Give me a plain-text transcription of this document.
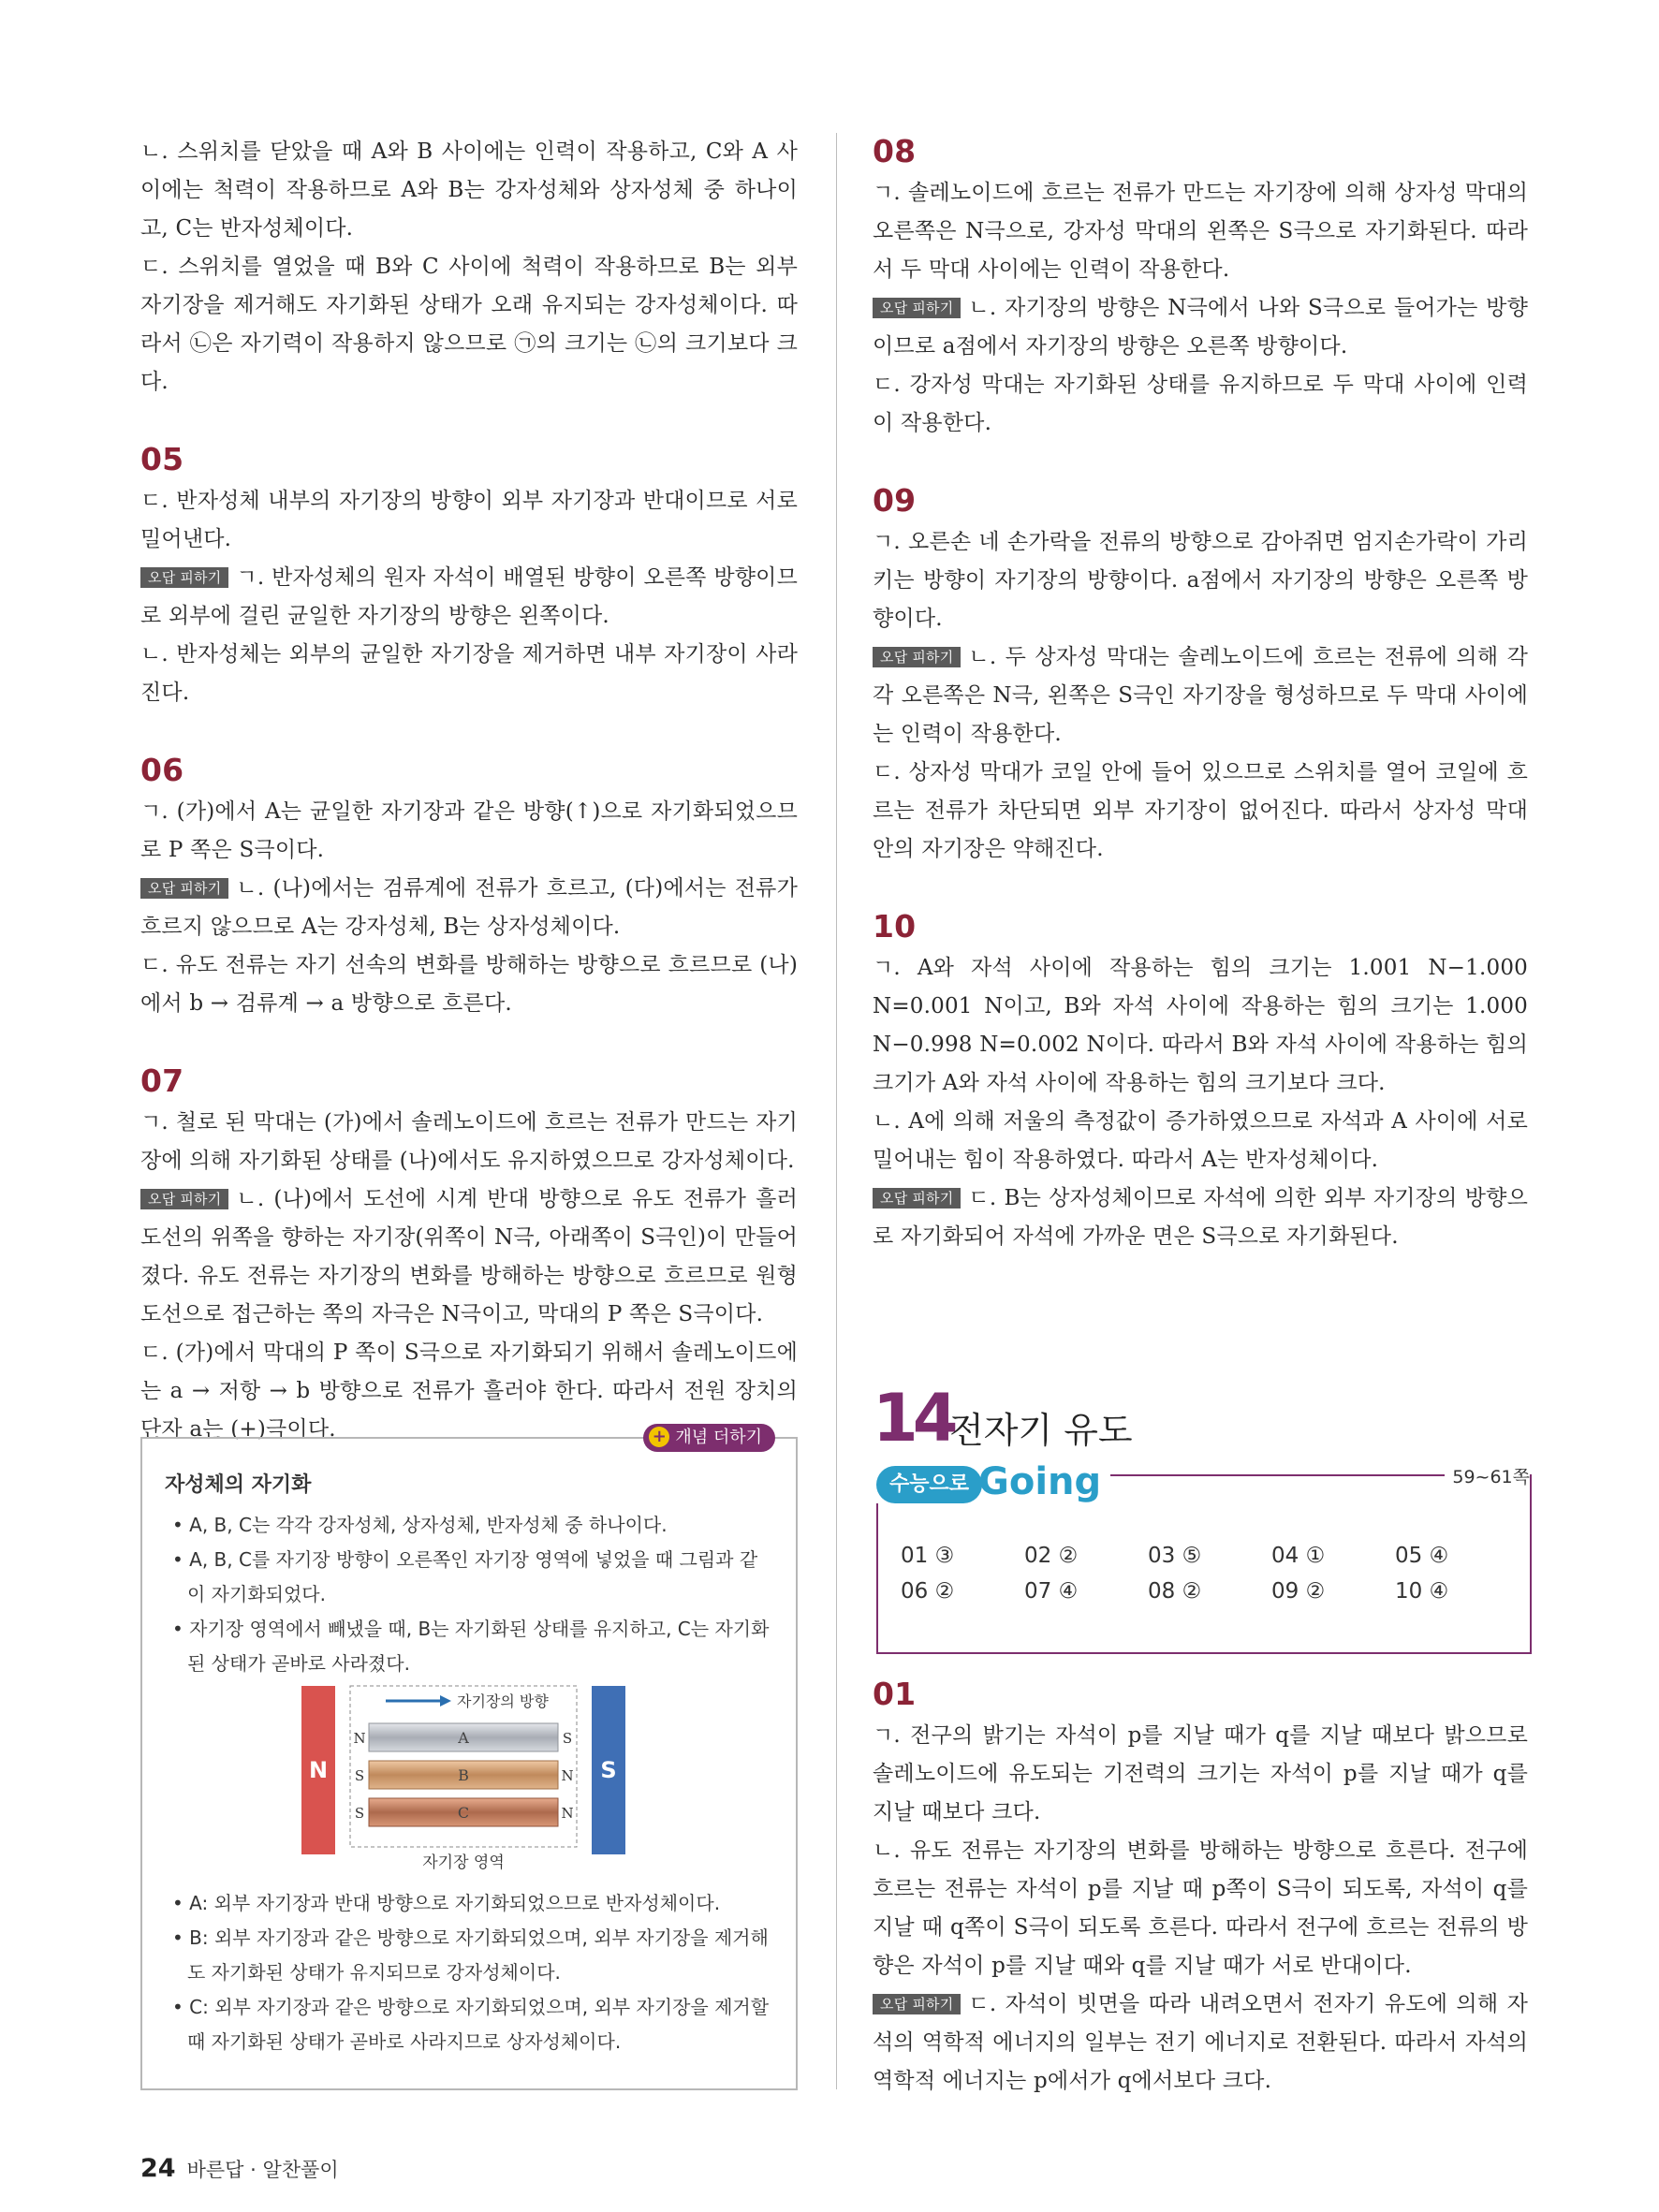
ㄴ. 스위치를 닫았을 때 A와 B 사이에는 인력이 작용하고, C와 A 사이에는 척력이 작용하므로 A와 B는 강자성체와 상자성체 중 하나이고, C는 반자성체이다.

ㄷ. 스위치를 열었을 때 B와 C 사이에 척력이 작용하므로 B는 외부 자기장을 제거해도 자기화된 상태가 오래 유지되는 강자성체이다. 따라서 ㉡은 자기력이 작용하지 않으므로 ㉠의 크기는 ㉡의 크기보다 크다.

05

ㄷ. 반자성체 내부의 자기장의 방향이 외부 자기장과 반대이므로 서로 밀어낸다.

오답 피하기 ㄱ. 반자성체의 원자 자석이 배열된 방향이 오른쪽 방향이므로 외부에 걸린 균일한 자기장의 방향은 왼쪽이다.

ㄴ. 반자성체는 외부의 균일한 자기장을 제거하면 내부 자기장이 사라진다.

06

ㄱ. (가)에서 A는 균일한 자기장과 같은 방향(↑)으로 자기화되었으므로 P 쪽은 S극이다.

오답 피하기 ㄴ. (나)에서는 검류계에 전류가 흐르고, (다)에서는 전류가 흐르지 않으므로 A는 강자성체, B는 상자성체이다.

ㄷ. 유도 전류는 자기 선속의 변화를 방해하는 방향으로 흐르므로 (나)에서 b → 검류계 → a 방향으로 흐른다.

07

ㄱ. 철로 된 막대는 (가)에서 솔레노이드에 흐르는 전류가 만드는 자기장에 의해 자기화된 상태를 (나)에서도 유지하였으므로 강자성체이다.

오답 피하기 ㄴ. (나)에서 도선에 시계 반대 방향으로 유도 전류가 흘러 도선의 위쪽을 향하는 자기장(위쪽이 N극, 아래쪽이 S극인)이 만들어졌다. 유도 전류는 자기장의 변화를 방해하는 방향으로 흐르므로 원형 도선으로 접근하는 쪽의 자극은 N극이고, 막대의 P 쪽은 S극이다.

ㄷ. (가)에서 막대의 P 쪽이 S극으로 자기화되기 위해서 솔레노이드에는 a → 저항 → b 방향으로 전류가 흘러야 한다. 따라서 전원 장치의 단자 a는 (+)극이다.	+ 개념 더하기
자성체의 자기화
• A, B, C는 각각 강자성체, 상자성체, 반자성체 중 하나이다.
• A, B, C를 자기장 방향이 오른쪽인 자기장 영역에 넣었을 때 그림과 같이 자기화되었다.
• 자기장 영역에서 빼냈을 때, B는 자기화된 상태를 유지하고, C는 자기화된 상태가 곧바로 사라졌다.
N	S
자기장의 방향
A
N	S
B
S	N
C
S	N
자기장 영역
• A: 외부 자기장과 반대 방향으로 자기화되었으므로 반자성체이다.
• B: 외부 자기장과 같은 방향으로 자기화되었으며, 외부 자기장을 제거해도 자기화된 상태가 유지되므로 강자성체이다.
• C: 외부 자기장과 같은 방향으로 자기화되었으며, 외부 자기장을 제거할 때 자기화된 상태가 곧바로 사라지므로 상자성체이다.
08

ㄱ. 솔레노이드에 흐르는 전류가 만드는 자기장에 의해 상자성 막대의 오른쪽은 N극으로, 강자성 막대의 왼쪽은 S극으로 자기화된다. 따라서 두 막대 사이에는 인력이 작용한다.

오답 피하기 ㄴ. 자기장의 방향은 N극에서 나와 S극으로 들어가는 방향이므로 a점에서 자기장의 방향은 오른쪽 방향이다.

ㄷ. 강자성 막대는 자기화된 상태를 유지하므로 두 막대 사이에 인력이 작용한다.

09

ㄱ. 오른손 네 손가락을 전류의 방향으로 감아쥐면 엄지손가락이 가리키는 방향이 자기장의 방향이다. a점에서 자기장의 방향은 오른쪽 방향이다.

오답 피하기 ㄴ. 두 상자성 막대는 솔레노이드에 흐르는 전류에 의해 각각 오른쪽은 N극, 왼쪽은 S극인 자기장을 형성하므로 두 막대 사이에는 인력이 작용한다.

ㄷ. 상자성 막대가 코일 안에 들어 있으므로 스위치를 열어 코일에 흐르는 전류가 차단되면 외부 자기장이 없어진다. 따라서 상자성 막대 안의 자기장은 약해진다.

10

ㄱ. A와 자석 사이에 작용하는 힘의 크기는 1.001 N−1.000 N=0.001 N이고, B와 자석 사이에 작용하는 힘의 크기는 1.000 N−0.998 N=0.002 N이다. 따라서 B와 자석 사이에 작용하는 힘의 크기가 A와 자석 사이에 작용하는 힘의 크기보다 크다.

ㄴ. A에 의해 저울의 측정값이 증가하였으므로 자석과 A 사이에 서로 밀어내는 힘이 작용하였다. 따라서 A는 반자성체이다.

오답 피하기 ㄷ. B는 상자성체이므로 자석에 의한 외부 자기장의 방향으로 자기화되어 자석에 가까운 면은 S극으로 자기화된다.

14
전자기 유도
수능으로 Going	59~61쪽
01 ③	02 ②	03 ⑤	04 ①	05 ④
06 ②	07 ④	08 ②	09 ②	10 ④
01

ㄱ. 전구의 밝기는 자석이 p를 지날 때가 q를 지날 때보다 밝으므로 솔레노이드에 유도되는 기전력의 크기는 자석이 p를 지날 때가 q를 지날 때보다 크다.

ㄴ. 유도 전류는 자기장의 변화를 방해하는 방향으로 흐른다. 전구에 흐르는 전류는 자석이 p를 지날 때 p쪽이 S극이 되도록, 자석이 q를 지날 때 q쪽이 S극이 되도록 흐른다. 따라서 전구에 흐르는 전류의 방향은 자석이 p를 지날 때와 q를 지날 때가 서로 반대이다.

오답 피하기 ㄷ. 자석이 빗면을 따라 내려오면서 전자기 유도에 의해 자석의 역학적 에너지의 일부는 전기 에너지로 전환된다. 따라서 자석의 역학적 에너지는 p에서가 q에서보다 크다.

24 바른답 · 알찬풀이
